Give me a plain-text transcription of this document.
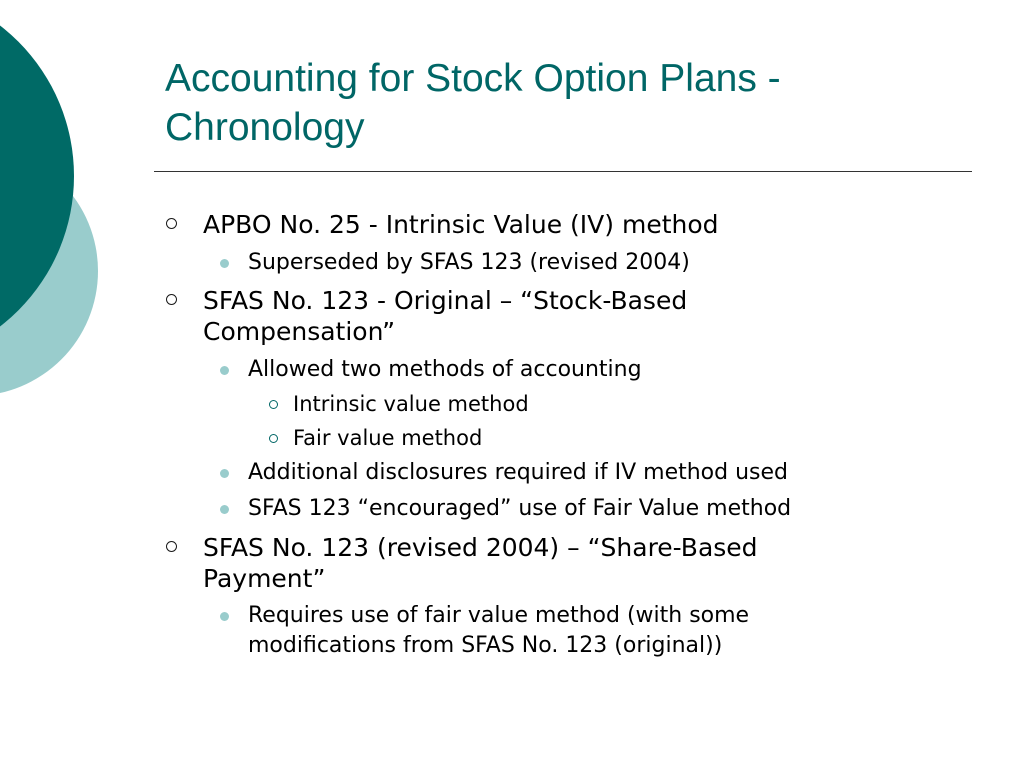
Accounting for Stock Option Plans -
Chronology
APBO No. 25 - Intrinsic Value (IV) method
Superseded by SFAS 123 (revised 2004)
SFAS No. 123 - Original – “Stock-Based
Compensation”
Allowed two methods of accounting
Intrinsic value method
Fair value method
Additional disclosures required if IV method used
SFAS 123 “encouraged” use of Fair Value method
SFAS No. 123 (revised 2004) – “Share-Based
Payment”
Requires use of fair value method (with some
modifications from SFAS No. 123 (original))
